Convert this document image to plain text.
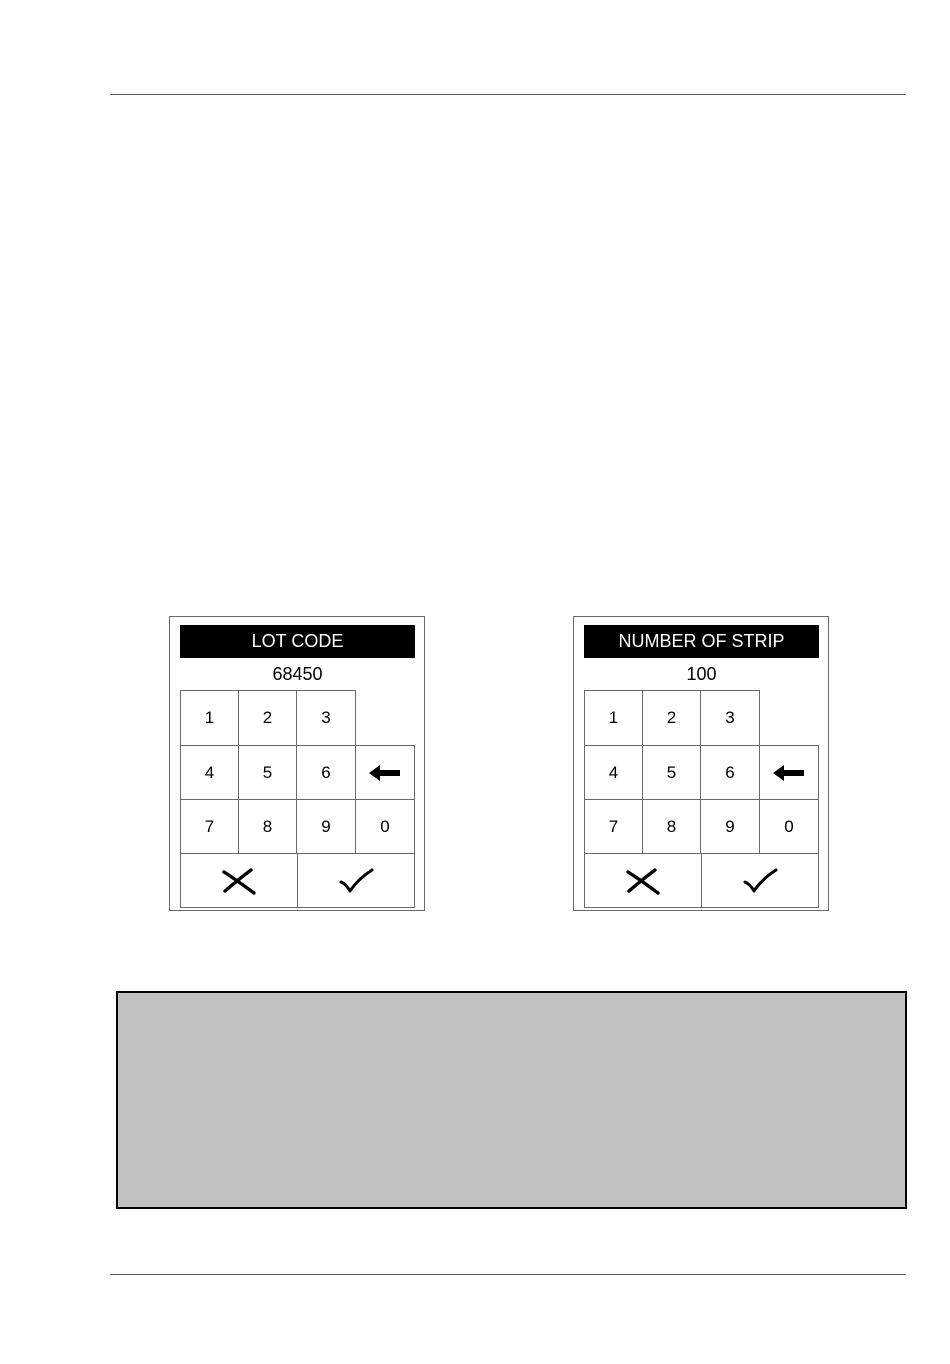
LOT CODE
68450
1	2	3
4	5	6
7	8	9	0
NUMBER OF STRIP
100
1	2	3
4	5	6
7	8	9	0
